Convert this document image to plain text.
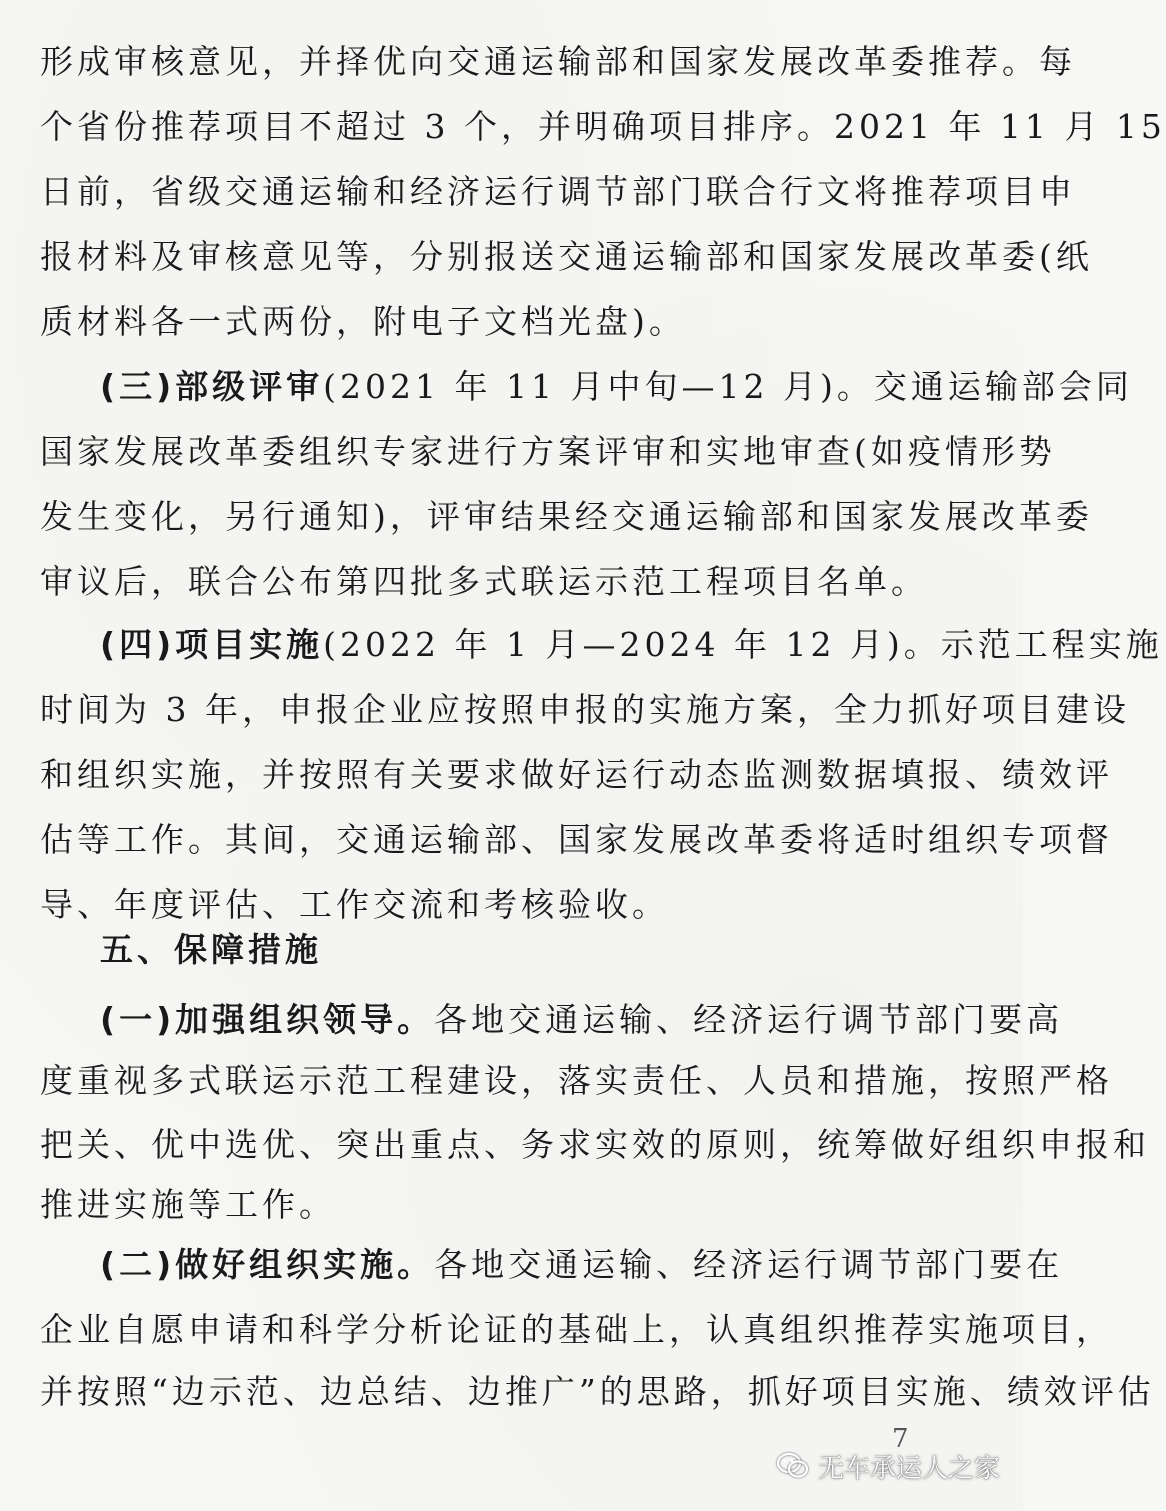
形成审核意见，并择优向交通运输部和国家发展改革委推荐。每
个省份推荐项目不超过 3 个，并明确项目排序。2021 年 11 月 15
日前，省级交通运输和经济运行调节部门联合行文将推荐项目申
报材料及审核意见等，分别报送交通运输部和国家发展改革委(纸
质材料各一式两份，附电子文档光盘)。
(三)部级评审(2021 年 11 月中旬—12 月)。交通运输部会同
国家发展改革委组织专家进行方案评审和实地审查(如疫情形势
发生变化，另行通知)，评审结果经交通运输部和国家发展改革委
审议后，联合公布第四批多式联运示范工程项目名单。
(四)项目实施(2022 年 1 月—2024 年 12 月)。示范工程实施
时间为 3 年，申报企业应按照申报的实施方案，全力抓好项目建设
和组织实施，并按照有关要求做好运行动态监测数据填报、绩效评
估等工作。其间，交通运输部、国家发展改革委将适时组织专项督
导、年度评估、工作交流和考核验收。
五、保障措施
(一)加强组织领导。各地交通运输、经济运行调节部门要高
度重视多式联运示范工程建设，落实责任、人员和措施，按照严格
把关、优中选优、突出重点、务求实效的原则，统筹做好组织申报和
推进实施等工作。
(二)做好组织实施。各地交通运输、经济运行调节部门要在
企业自愿申请和科学分析论证的基础上，认真组织推荐实施项目，
并按照“边示范、边总结、边推广”的思路，抓好项目实施、绩效评估
7
无车承运人之家
